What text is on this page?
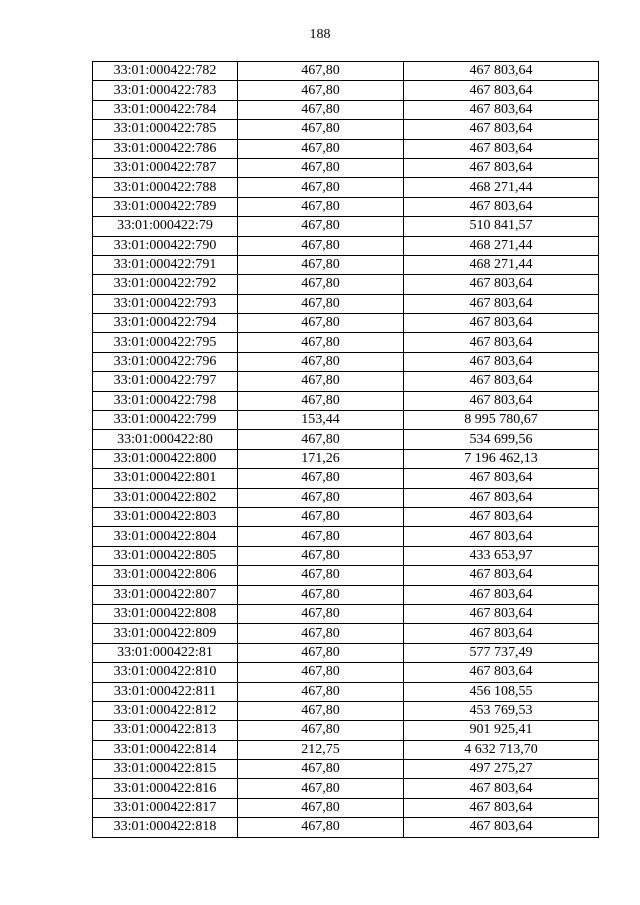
188
33:01:000422:782	467,80	467 803,64
33:01:000422:783	467,80	467 803,64
33:01:000422:784	467,80	467 803,64
33:01:000422:785	467,80	467 803,64
33:01:000422:786	467,80	467 803,64
33:01:000422:787	467,80	467 803,64
33:01:000422:788	467,80	468 271,44
33:01:000422:789	467,80	467 803,64
33:01:000422:79	467,80	510 841,57
33:01:000422:790	467,80	468 271,44
33:01:000422:791	467,80	468 271,44
33:01:000422:792	467,80	467 803,64
33:01:000422:793	467,80	467 803,64
33:01:000422:794	467,80	467 803,64
33:01:000422:795	467,80	467 803,64
33:01:000422:796	467,80	467 803,64
33:01:000422:797	467,80	467 803,64
33:01:000422:798	467,80	467 803,64
33:01:000422:799	153,44	8 995 780,67
33:01:000422:80	467,80	534 699,56
33:01:000422:800	171,26	7 196 462,13
33:01:000422:801	467,80	467 803,64
33:01:000422:802	467,80	467 803,64
33:01:000422:803	467,80	467 803,64
33:01:000422:804	467,80	467 803,64
33:01:000422:805	467,80	433 653,97
33:01:000422:806	467,80	467 803,64
33:01:000422:807	467,80	467 803,64
33:01:000422:808	467,80	467 803,64
33:01:000422:809	467,80	467 803,64
33:01:000422:81	467,80	577 737,49
33:01:000422:810	467,80	467 803,64
33:01:000422:811	467,80	456 108,55
33:01:000422:812	467,80	453 769,53
33:01:000422:813	467,80	901 925,41
33:01:000422:814	212,75	4 632 713,70
33:01:000422:815	467,80	497 275,27
33:01:000422:816	467,80	467 803,64
33:01:000422:817	467,80	467 803,64
33:01:000422:818	467,80	467 803,64
